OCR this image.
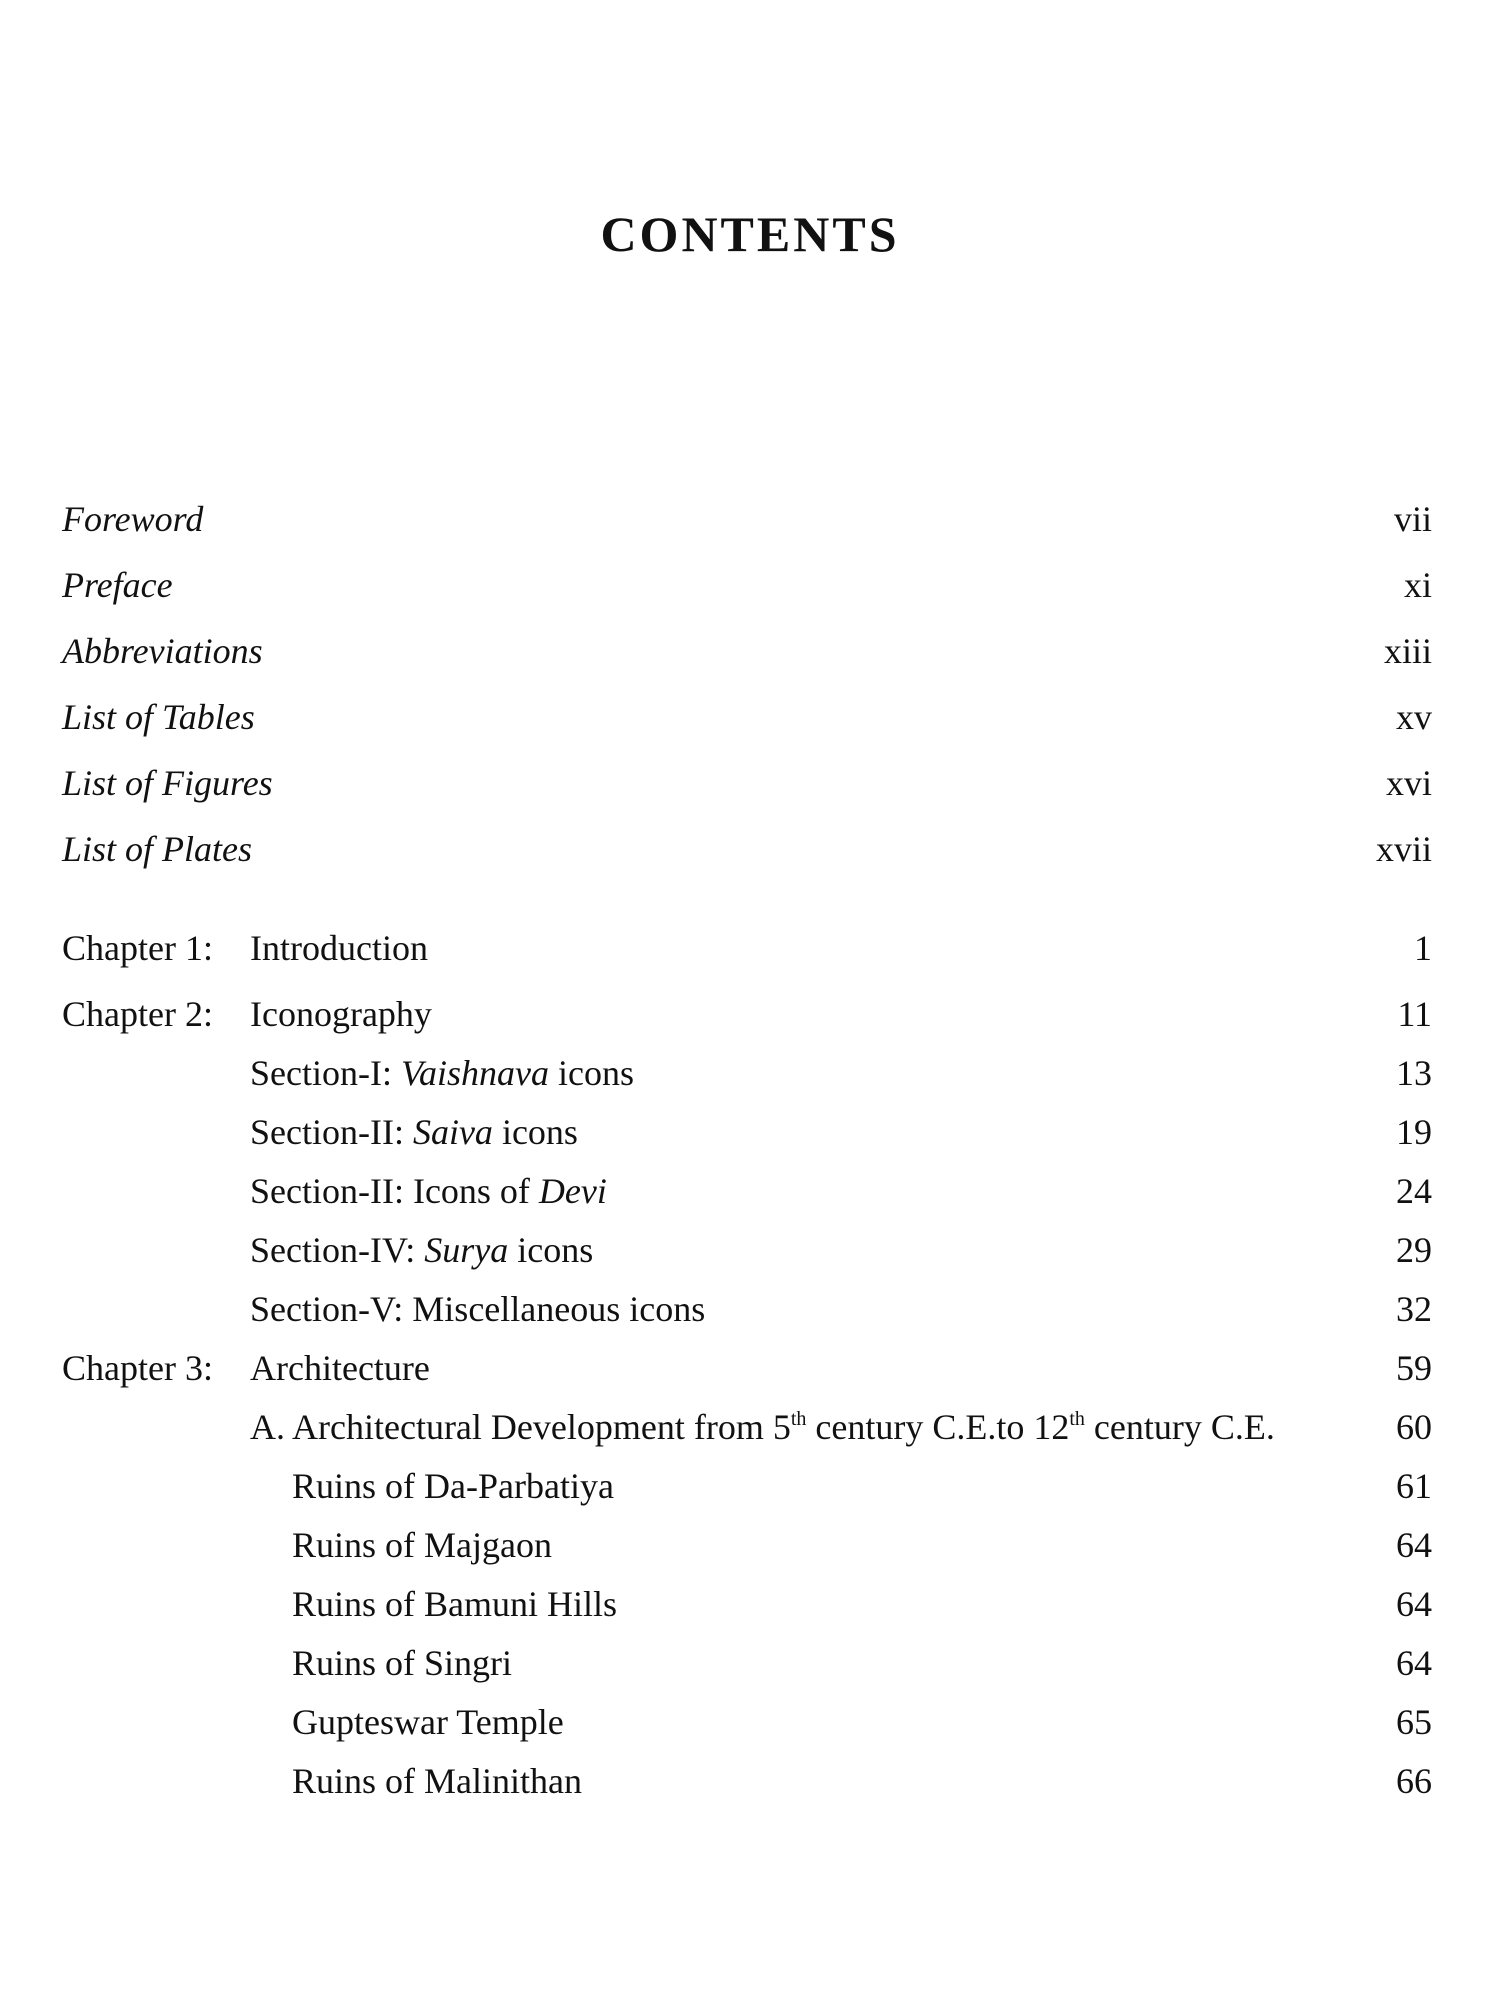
CONTENTS
Foreword	vii
Preface	xi
Abbreviations	xiii
List of Tables	xv
List of Figures	xvi
List of Plates	xvii
Chapter 1: Introduction	1
Chapter 2: Iconography	11
Section-I: Vaishnava icons	13
Section-II: Saiva icons	19
Section-II: Icons of Devi	24
Section-IV: Surya icons	29
Section-V: Miscellaneous icons	32
Chapter 3: Architecture	59
A. Architectural Development from 5th century C.E.to 12th century C.E.	60
Ruins of Da-Parbatiya	61
Ruins of Majgaon	64
Ruins of Bamuni Hills	64
Ruins of Singri	64
Gupteswar Temple	65
Ruins of Malinithan	66
